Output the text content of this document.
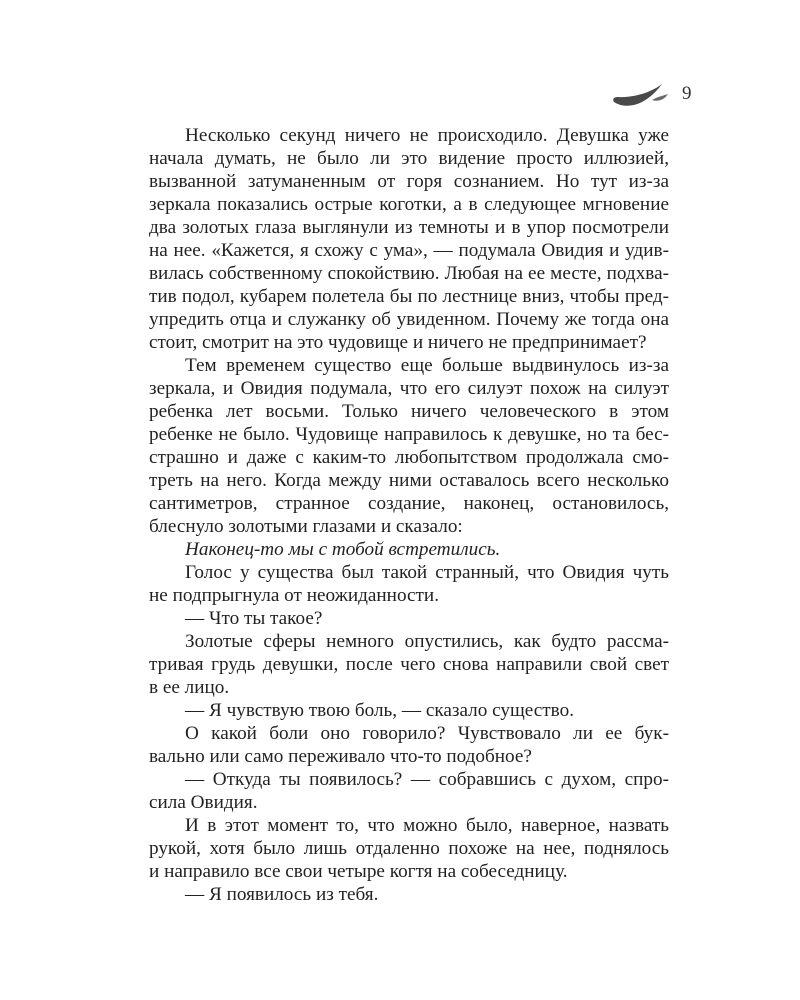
9
Несколько секунд ничего не происходило. Девушка уже
начала думать, не было ли это видение просто иллюзией,
вызванной затуманенным от горя сознанием. Но тут из-за
зеркала показались острые коготки, а в следующее мгновение
два золотых глаза выглянули из темноты и в упор посмотрели
на нее. «Кажется, я схожу с ума», — подумала Овидия и удив-
вилась собственному спокойствию. Любая на ее месте, подхва-
тив подол, кубарем полетела бы по лестнице вниз, чтобы пред-
упредить отца и служанку об увиденном. Почему же тогда она
стоит, смотрит на это чудовище и ничего не предпринимает?
Тем временем существо еще больше выдвинулось из-за
зеркала, и Овидия подумала, что его силуэт похож на силуэт
ребенка лет восьми. Только ничего человеческого в этом
ребенке не было. Чудовище направилось к девушке, но та бес-
страшно и даже с каким-то любопытством продолжала смо-
треть на него. Когда между ними оставалось всего несколько
сантиметров, странное создание, наконец, остановилось,
блеснуло золотыми глазами и сказало:
Наконец-то мы с тобой встретились.
Голос у существа был такой странный, что Овидия чуть
не подпрыгнула от неожиданности.
— Что ты такое?
Золотые сферы немного опустились, как будто рассма-
тривая грудь девушки, после чего снова направили свой свет
в ее лицо.
— Я чувствую твою боль, — сказало существо.
О какой боли оно говорило? Чувствовало ли ее бук-
вально или само переживало что-то подобное?
— Откуда ты появилось? — собравшись с духом, спро-
сила Овидия.
И в этот момент то, что можно было, наверное, назвать
рукой, хотя было лишь отдаленно похоже на нее, поднялось
и направило все свои четыре когтя на собеседницу.
— Я появилось из тебя.
